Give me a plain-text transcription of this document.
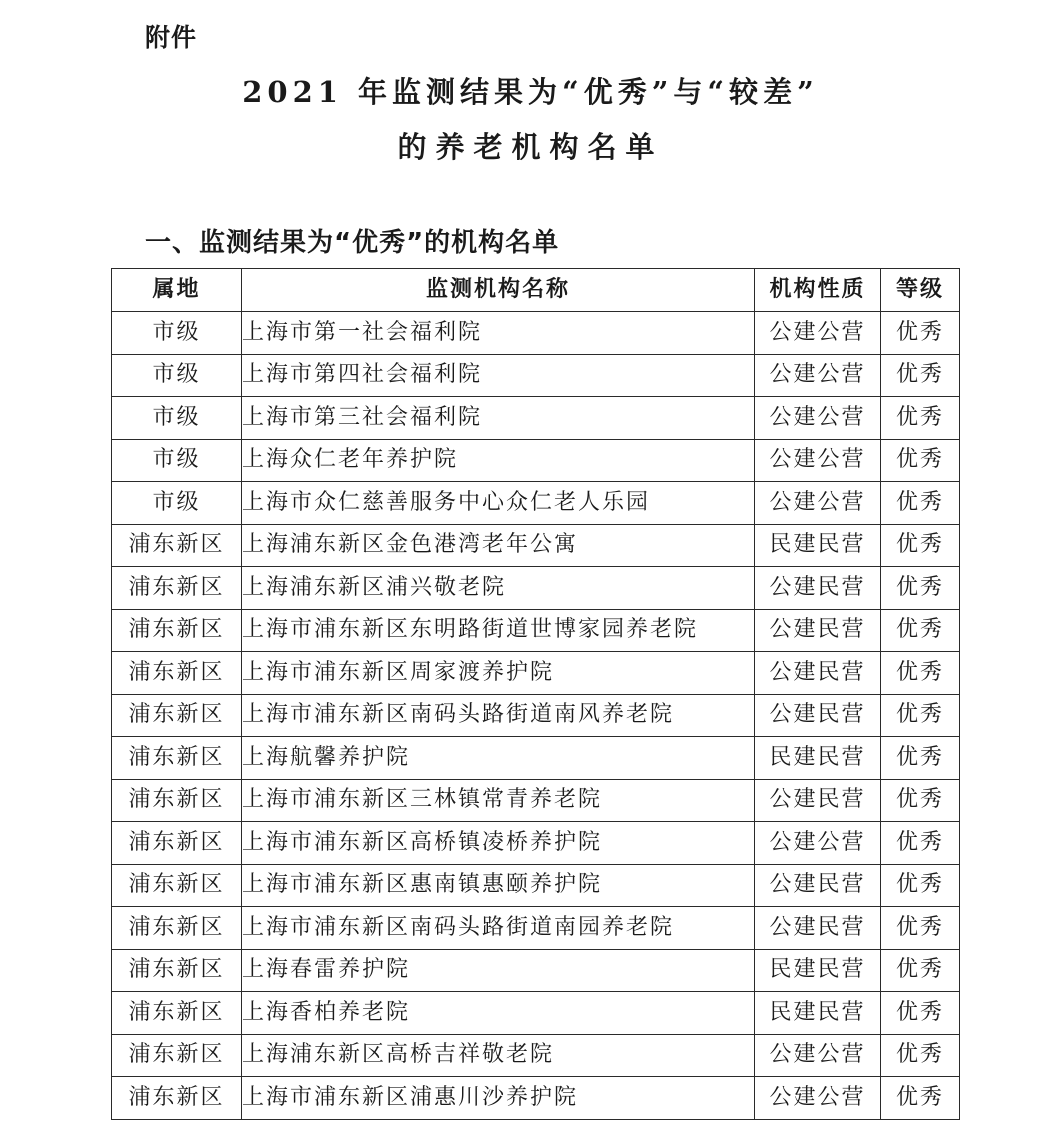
附件
2021 年监测结果为“优秀”与“较差”
的养老机构名单
一、监测结果为“优秀”的机构名单
属地	监测机构名称	机构性质	等级
市级	上海市第一社会福利院	公建公营	优秀
市级	上海市第四社会福利院	公建公营	优秀
市级	上海市第三社会福利院	公建公营	优秀
市级	上海众仁老年养护院	公建公营	优秀
市级	上海市众仁慈善服务中心众仁老人乐园	公建公营	优秀
浦东新区	上海浦东新区金色港湾老年公寓	民建民营	优秀
浦东新区	上海浦东新区浦兴敬老院	公建民营	优秀
浦东新区	上海市浦东新区东明路街道世博家园养老院	公建民营	优秀
浦东新区	上海市浦东新区周家渡养护院	公建民营	优秀
浦东新区	上海市浦东新区南码头路街道南风养老院	公建民营	优秀
浦东新区	上海航馨养护院	民建民营	优秀
浦东新区	上海市浦东新区三林镇常青养老院	公建民营	优秀
浦东新区	上海市浦东新区高桥镇凌桥养护院	公建公营	优秀
浦东新区	上海市浦东新区惠南镇惠颐养护院	公建民营	优秀
浦东新区	上海市浦东新区南码头路街道南园养老院	公建民营	优秀
浦东新区	上海春雷养护院	民建民营	优秀
浦东新区	上海香柏养老院	民建民营	优秀
浦东新区	上海浦东新区高桥吉祥敬老院	公建公营	优秀
浦东新区	上海市浦东新区浦惠川沙养护院	公建公营	优秀
